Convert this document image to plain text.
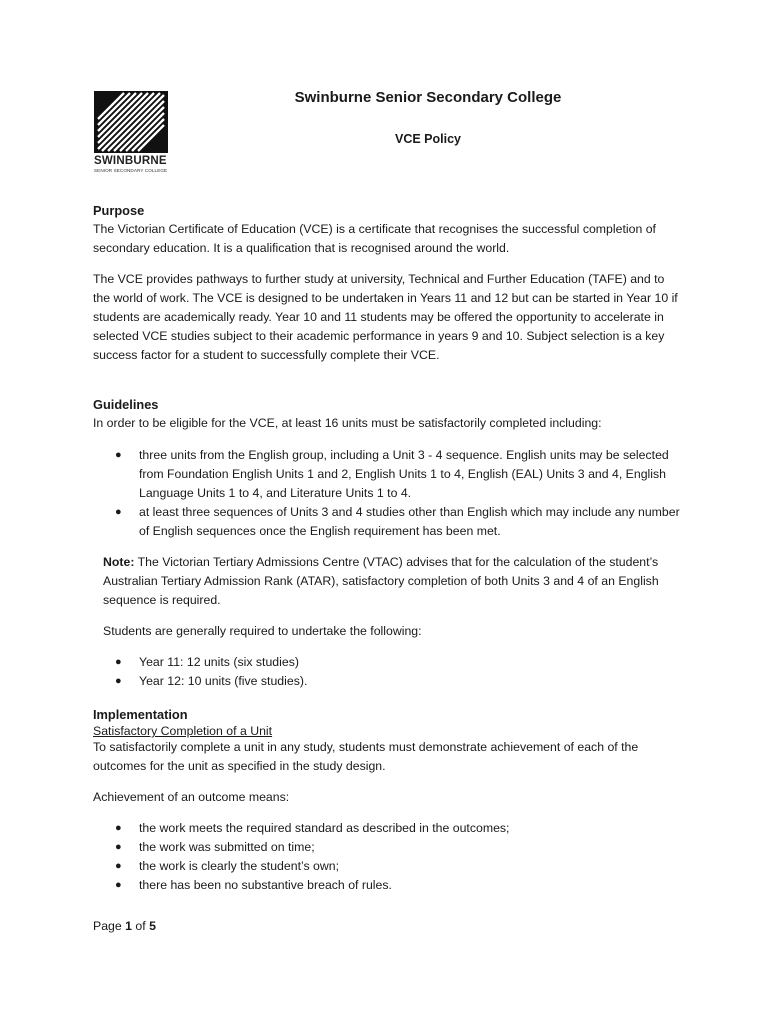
SWINBURNE
SENIOR SECONDARY COLLEGE
Swinburne Senior Secondary College
VCE Policy
Purpose

The Victorian Certificate of Education (VCE) is a certificate that recognises the successful completion of secondary education. It is a qualification that is recognised around the world.

The VCE provides pathways to further study at university, Technical and Further Education (TAFE) and to the world of work. The VCE is designed to be undertaken in Years 11 and 12 but can be started in Year 10 if students are academically ready. Year 10 and 11 students may be offered the opportunity to accelerate in selected VCE studies subject to their academic performance in years 9 and 10. Subject selection is a key success factor for a student to successfully complete their VCE.

Guidelines

In order to be eligible for the VCE, at least 16 units must be satisfactorily completed including:

● three units from the English group, including a Unit 3 - 4 sequence. English units may be selected from Foundation English Units 1 and 2, English Units 1 to 4, English (EAL) Units 3 and 4, English Language Units 1 to 4, and Literature Units 1 to 4.
● at least three sequences of Units 3 and 4 studies other than English which may include any number of English sequences once the English requirement has been met.

Note: The Victorian Tertiary Admissions Centre (VTAC) advises that for the calculation of the student’s Australian Tertiary Admission Rank (ATAR), satisfactory completion of both Units 3 and 4 of an English sequence is required.

Students are generally required to undertake the following:

● Year 11: 12 units (six studies)
● Year 12: 10 units (five studies).
Implementation
Satisfactory Completion of a Unit

To satisfactorily complete a unit in any study, students must demonstrate achievement of each of the outcomes for the unit as specified in the study design.

Achievement of an outcome means:

● the work meets the required standard as described in the outcomes;
● the work was submitted on time;
● the work is clearly the student’s own;
● there has been no substantive breach of rules.
Page 1 of 5
